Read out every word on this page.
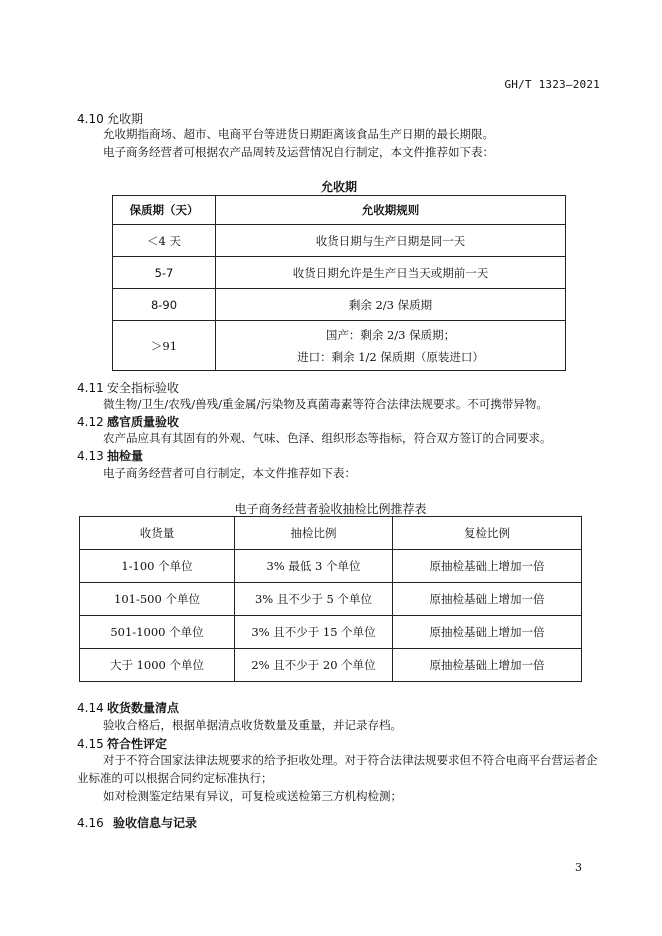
GH/T 1323—2021
4.10 允收期
允收期指商场、超市、电商平台等进货日期距离该食品生产日期的最长期限。
电子商务经营者可根据农产品周转及运营情况自行制定，本文件推荐如下表：
允收期
保质期（天）	允收期规则
＜4 天	收货日期与生产日期是同一天
5-7	收货日期允许是生产日当天或期前一天
8-90	剩余 2/3 保质期
＞91	国产：剩余 2/3 保质期；
进口：剩余 1/2 保质期（原装进口）
4.11 安全指标验收
微生物/卫生/农残/兽残/重金属/污染物及真菌毒素等符合法律法规要求。不可携带异物。
4.12 感官质量验收
农产品应具有其固有的外观、气味、色泽、组织形态等指标，符合双方签订的合同要求。
4.13 抽检量
电子商务经营者可自行制定，本文件推荐如下表：
电子商务经营者验收抽检比例推荐表
收货量	抽检比例	复检比例
1-100 个单位	3% 最低 3 个单位	原抽检基础上增加一倍
101-500 个单位	3% 且不少于 5 个单位	原抽检基础上增加一倍
501-1000 个单位	3% 且不少于 15 个单位	原抽检基础上增加一倍
大于 1000 个单位	2% 且不少于 20 个单位	原抽检基础上增加一倍
4.14 收货数量清点
验收合格后，根据单据清点收货数量及重量，并记录存档。
4.15 符合性评定
对于不符合国家法律法规要求的给予拒收处理。对于符合法律法规要求但不符合电商平台营运者企
业标准的可以根据合同约定标准执行；
如对检测鉴定结果有异议，可复检或送检第三方机构检测；
4.16 验收信息与记录
3
